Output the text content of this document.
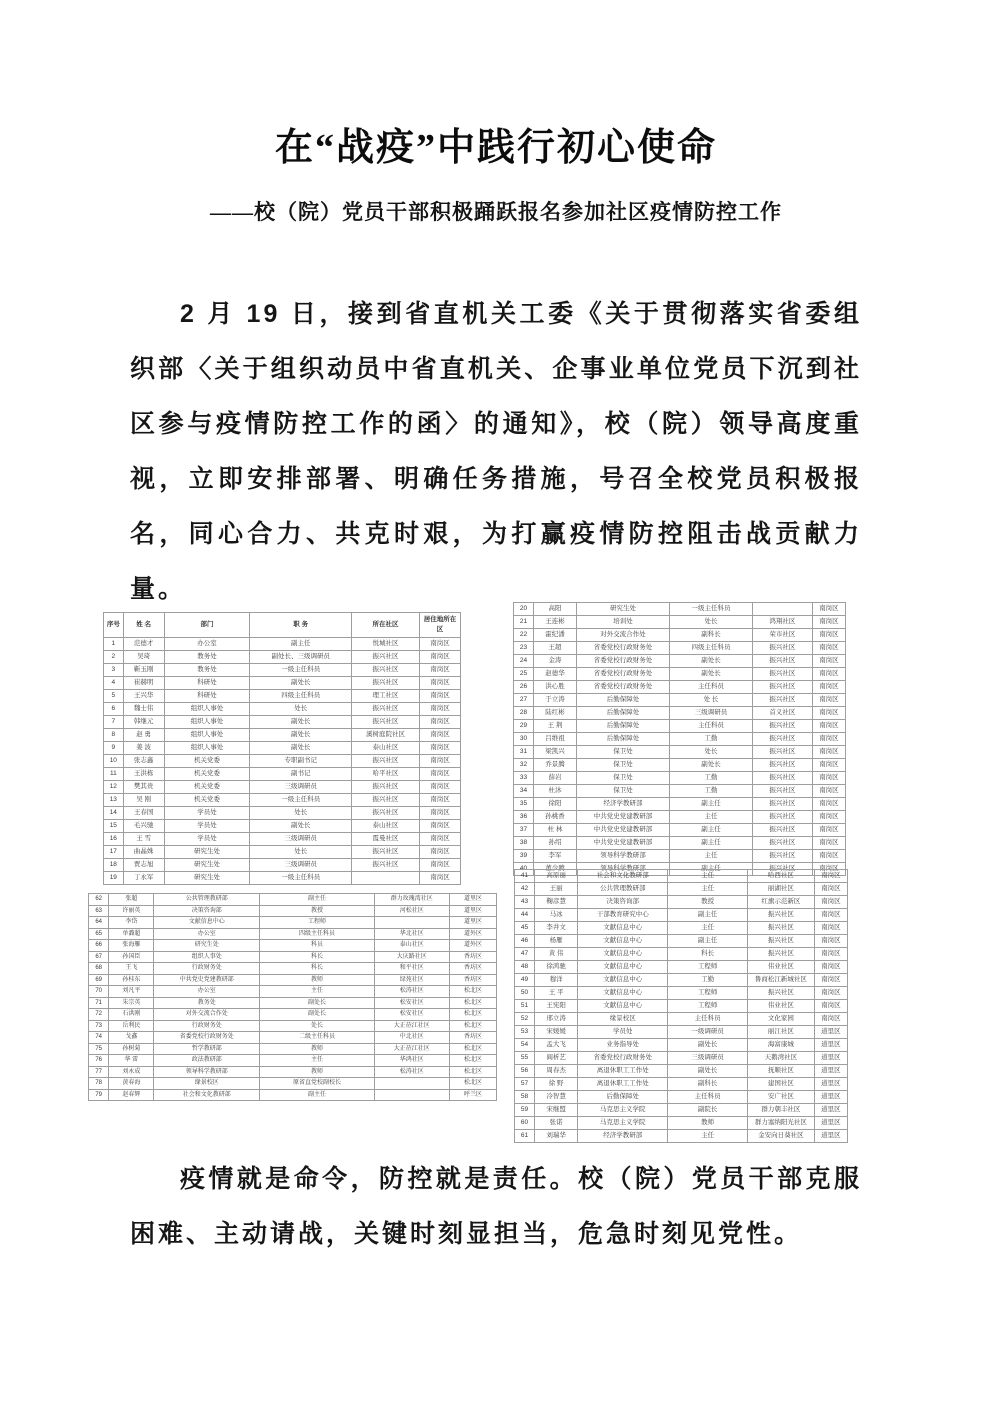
在“战疫”中践行初心使命
——校（院）党员干部积极踊跃报名参加社区疫情防控工作
2 月 19 日，接到省直机关工委《关于贯彻落实省委组织部〈关于组织动员中省直机关、企事业单位党员下沉到社区参与疫情防控工作的函〉的通知》，校（院）领导高度重视，立即安排部署、明确任务措施，号召全校党员积极报名，同心合力、共克时艰，为打赢疫情防控阻击战贡献力量。
序号	姓 名	部门	职 务	所在社区	居住地所在区
1	范德才	办公室	副主任	悦城社区	南岗区
2	吴琦	教务处	副处长、三级调研员	振兴社区	南岗区
3	靳玉刚	教务处	一级主任科员	振兴社区	南岗区
4	崔赫明	科研处	副处长	振兴社区	南岗区
5	王兴华	科研处	四级主任科员	理工社区	南岗区
6	魏士伟	组织人事处	处长	振兴社区	南岗区
7	韩继元	组织人事处	副处长	振兴社区	南岗区
8	赵 勇	组织人事处	副处长	溪树庭院社区	南岗区
9	姜 波	组织人事处	副处长	泰山社区	南岗区
10	张志鑫	机关党委	专职副书记	振兴社区	南岗区
11	王洪栋	机关党委	副书记	哈平社区	南岗区
12	樊其贵	机关党委	三级调研员	振兴社区	南岗区
13	吴 刚	机关党委	一级主任科员	振兴社区	南岗区
14	王春国	学员处	处长	振兴社区	南岗区
15	毛兴驰	学员处	副处长	泰山社区	南岗区
16	王 雪	学员处	三级调研员	霞曼社区	南岗区
17	曲晶姝	研究生处	处长	振兴社区	南岗区
18	贾志旭	研究生处	三级调研员	振兴社区	南岗区
19	丁永军	研究生处	一级主任科员		南岗区
20	高阳	研究生处	一级主任科员		南岗区
21	王连彬	培训处	处长	鸿翔社区	南岗区
22	霍纪潘	对外交流合作处	副科长	荣市社区	南岗区
23	王超	省委党校行政财务处	四级主任科员	振兴社区	南岗区
24	金涛	省委党校行政财务处	副处长	振兴社区	南岗区
25	赵德华	省委党校行政财务处	副处长	振兴社区	南岗区
26	洪心胜	省委党校行政财务处	主任科员	振兴社区	南岗区
27	于立涛	后勤保障处	处 长	振兴社区	南岗区
28	陆红彬	后勤保障处	三级调研员	首义社区	南岗区
29	王 荆	后勤保障处	主任科员	振兴社区	南岗区
30	吕维祖	后勤保障处	工勤	振兴社区	南岗区
31	梁凯兴	保卫处	处长	振兴社区	南岗区
32	乔景腾	保卫处	副处长	振兴社区	南岗区
33	薛岩	保卫处	工勤	振兴社区	南岗区
34	杜沐	保卫处	工勤	振兴社区	南岗区
35	徐阳	经济学教研部	副主任	振兴社区	南岗区
36	孙桃香	中共党史党建教研部	主任	振兴社区	南岗区
37	杜 林	中共党史党建教研部	副主任	振兴社区	南岗区
38	孙绍	中共党史党建教研部	副主任	振兴社区	南岗区
39	李军	领导科学教研部	主任	振兴社区	南岗区
40	董少腾	领导科学教研部	副主任	振兴社区	南岗区
62	张超	公共管理教研部	副主任	群力玫瑰湾社区	道里区
63	许丽英	决策咨询部	教授	河松社区	道里区
64	李岱	文献信息中心	工程师		道里区
65	单潞超	办公室	四级主任科员	华北社区	道外区
66	张海雁	研究生处	科员	泰山社区	道外区
67	孙国臣	组织人事处	科长	大庆路社区	香坊区
68	王飞	行政财务处	科长	和平社区	香坊区
69	孙桂东	中共党史党建教研部	教师	绿苑社区	香坊区
70	刘凡平	办公室	主任	松涛社区	松北区
71	朱宗英	教务处	副处长	松安社区	松北区
72	石洪刚	对外交流合作处	副处长	松安社区	松北区
73	岳利民	行政财务处	处长	大正莅江社区	松北区
74	戈鑫	省委党校行政财务处	二级主任科员	中北社区	香坊区
75	孙树菊	哲学教研部	教师	大正莅江社区	松北区
76	华 雷	政法教研部	主任	华鸿社区	松北区
77	刘永成	领导科学教研部	教师	松涛社区	松北区
78	黄春海	缘景校区	原省直党校副校长		松北区
79	赵春辉	社会和文化教研部	副主任		呼兰区
41	高原丽	社会和文化教研部	主任	哈西社区	南岗区
42	王丽	公共管理教研部	主任	丽湖社区	南岗区
43	鞠彦慧	决策咨询部	教授	红旗示范新区	南岗区
44	马冰	干部教育研究中心	副主任	振兴社区	南岗区
45	李井文	文献信息中心	主任	振兴社区	南岗区
46	杨雁	文献信息中心	副主任	振兴社区	南岗区
47	黄 伟	文献信息中心	科长	振兴社区	南岗区
48	徐鸿驰	文献信息中心	工程师	伟业社区	南岗区
49	穆洋	文献信息中心	工勤	鲁商松江新城社区	南岗区
50	王 平	文献信息中心	工程师	振兴社区	南岗区
51	王宪阳	文献信息中心	工程师	伟业社区	南岗区
52	邢立涛	缘景校区	主任科员	文化家园	南岗区
53	宋媛媛	学员处	一级调研员	丽江社区	道里区
54	孟大飞	业务指导处	副处长	海富康城	道里区
55	阎析艺	省委党校行政财务处	三级调研员	天鹅湾社区	道里区
56	周春杰	离退休职工工作处	副处长	抚顺社区	道里区
57	徐 野	离退休职工工作处	副科长	建国社区	道里区
58	冷智慧	后勤保障处	主任科员	安广社区	道里区
59	宋继盟	马克思主义学院	副院长	群力朝丰社区	道里区
60	张诺	马克思主义学院	教师	群力塞纳阳光社区	道里区
61	刘瑞华	经济学教研部	主任	金安向日葵社区	道里区
疫情就是命令，防控就是责任。校（院）党员干部克服困难、主动请战，关键时刻显担当，危急时刻见党性。
